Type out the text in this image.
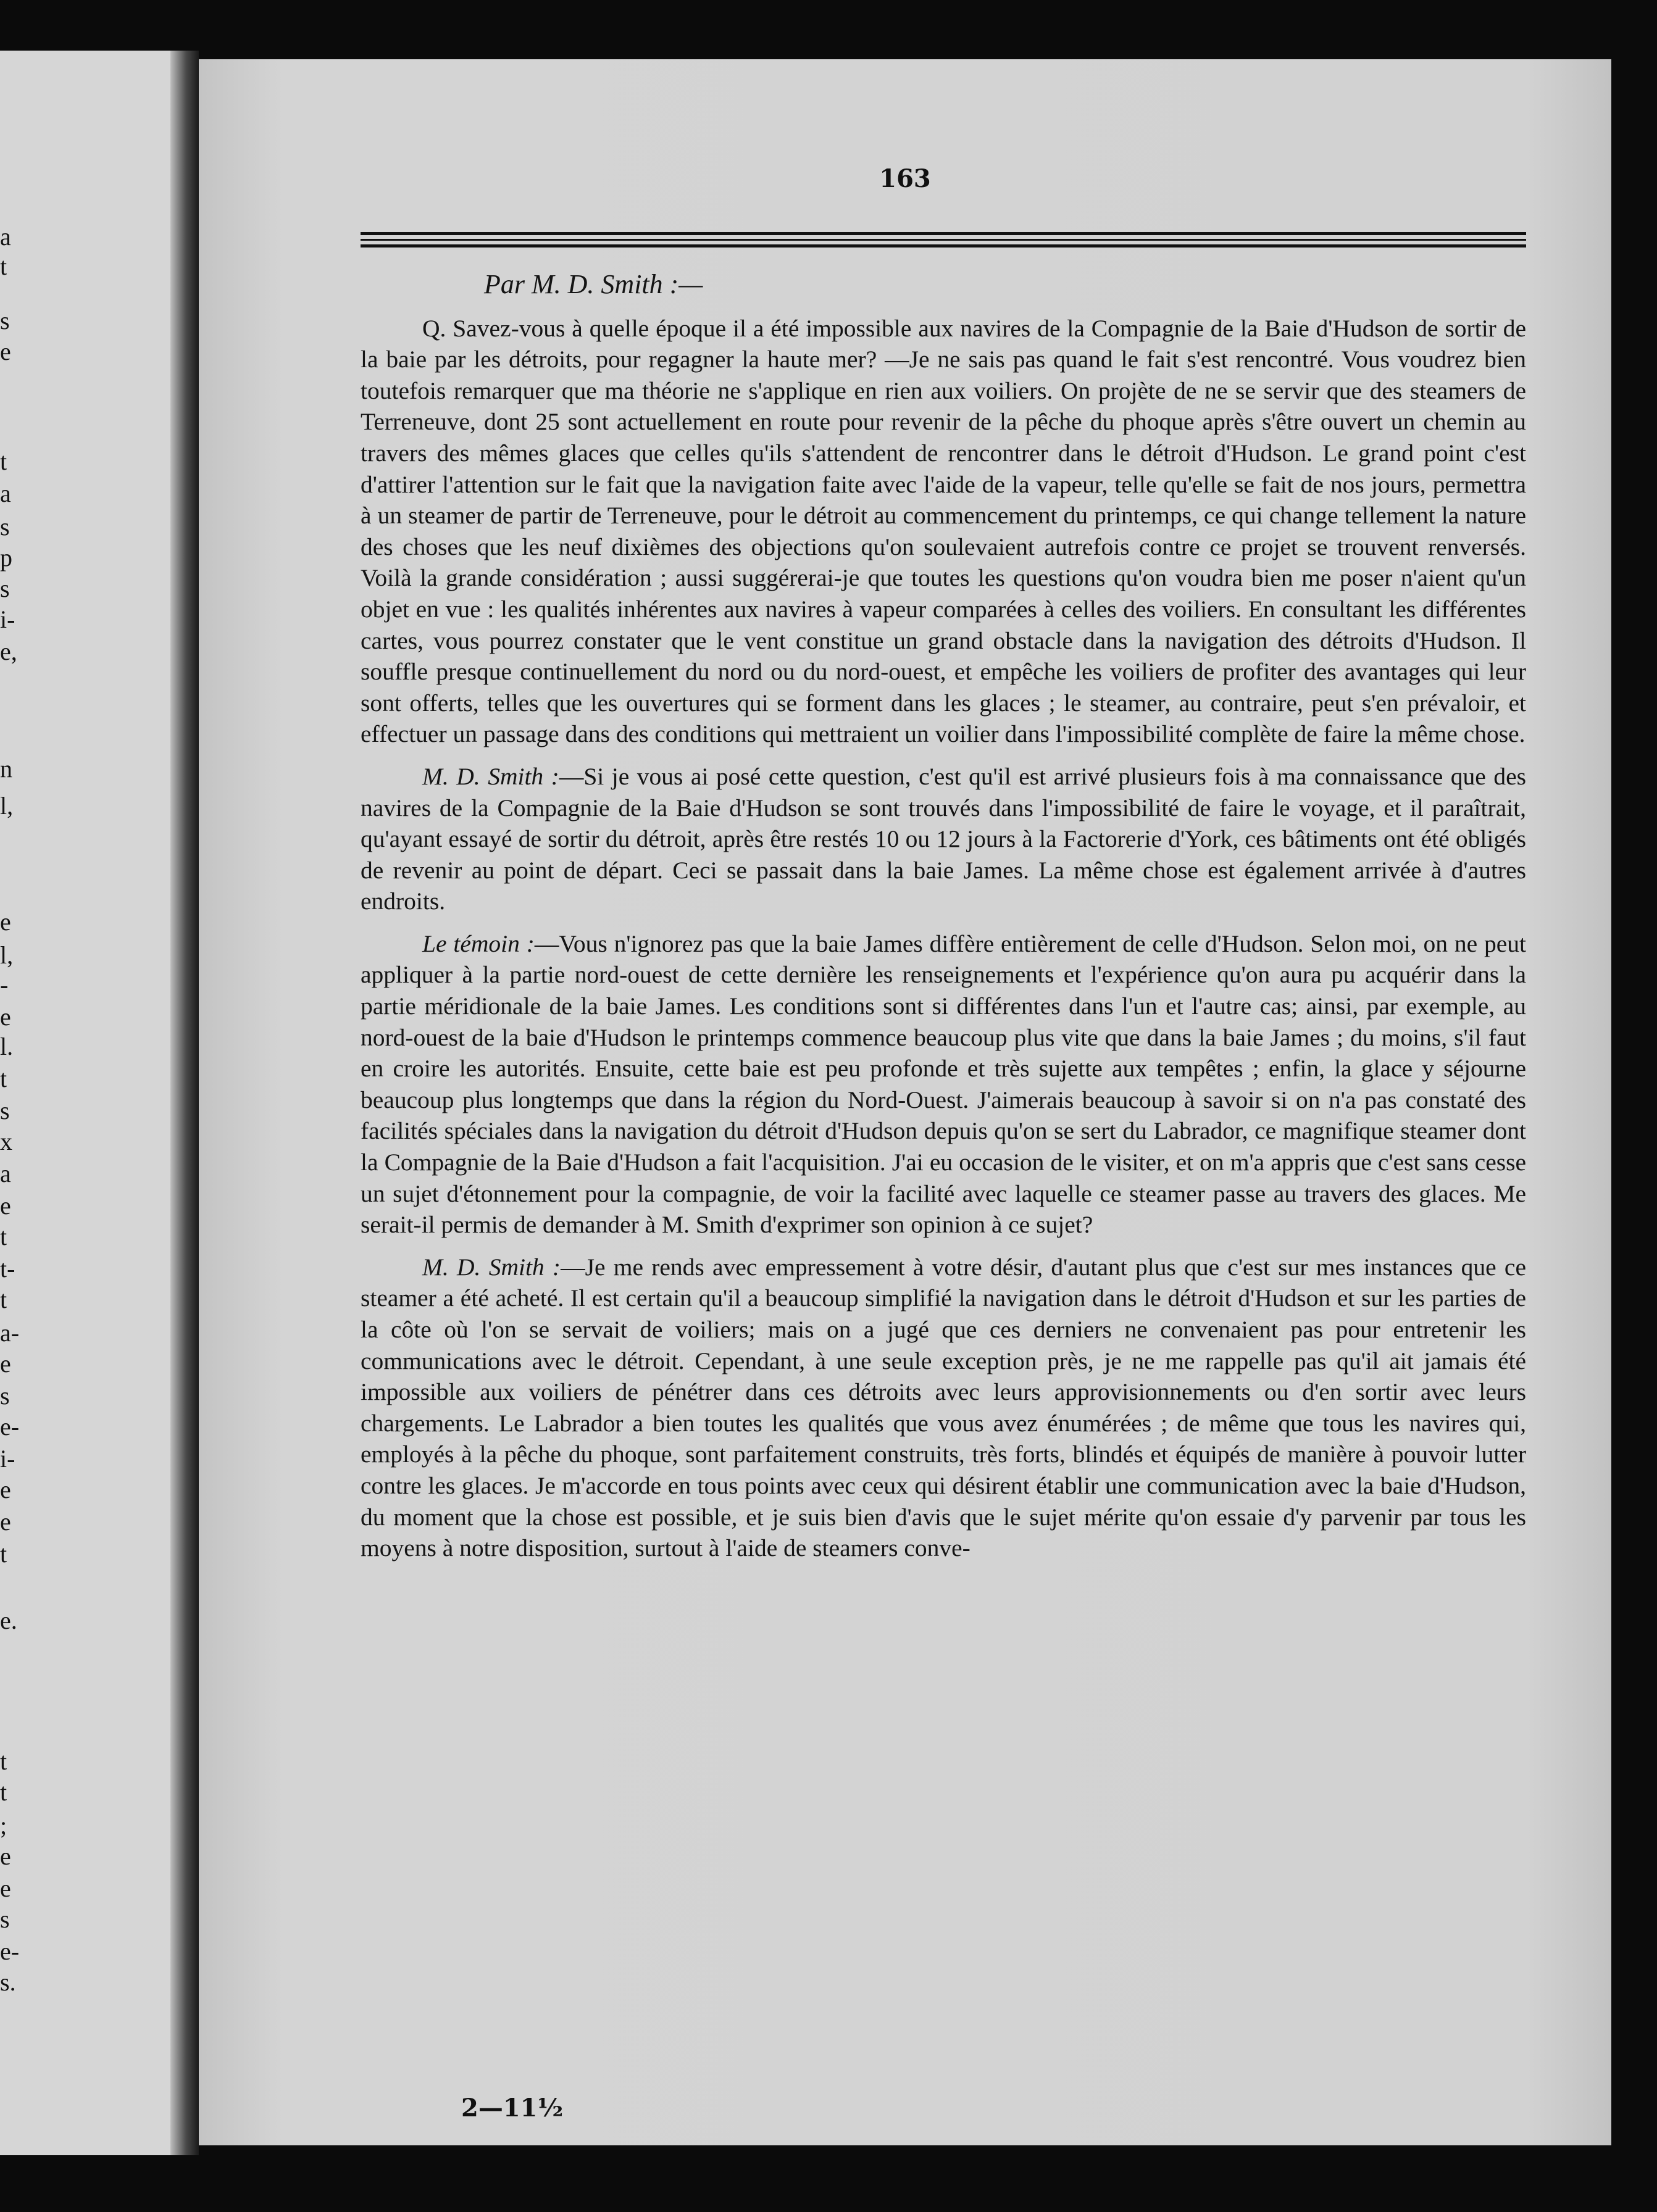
a
t
s
e
t
a
s
p
s
i-
e,
n
l,
e
l,
-
e
l.
t
s
x
a
e
t
t-
t
a-
e
s
e-
i-
e
e
t
e.
t
t
;
e
e
s
e-
s.
163
Par M. D. Smith :—

Q. Savez-vous à quelle époque il a été impossible aux navires de la Compagnie de la Baie d'Hudson de sortir de la baie par les détroits, pour regagner la haute mer? —Je ne sais pas quand le fait s'est rencontré. Vous voudrez bien toutefois remarquer que ma théorie ne s'applique en rien aux voiliers. On projète de ne se servir que des steamers de Terreneuve, dont 25 sont actuellement en route pour revenir de la pêche du phoque après s'être ouvert un chemin au travers des mêmes glaces que celles qu'ils s'attendent de rencontrer dans le détroit d'Hudson. Le grand point c'est d'attirer l'attention sur le fait que la navigation faite avec l'aide de la vapeur, telle qu'elle se fait de nos jours, permettra à un steamer de partir de Terreneuve, pour le détroit au commencement du printemps, ce qui change tellement la nature des choses que les neuf dixièmes des objections qu'on soulevaient autrefois contre ce projet se trouvent renversés. Voilà la grande considération ; aussi suggérerai-je que toutes les questions qu'on voudra bien me poser n'aient qu'un objet en vue : les qualités inhérentes aux navires à vapeur comparées à celles des voiliers. En consultant les différentes cartes, vous pourrez constater que le vent constitue un grand obstacle dans la navigation des détroits d'Hudson. Il souffle presque continuellement du nord ou du nord-ouest, et empêche les voiliers de profiter des avantages qui leur sont offerts, telles que les ouvertures qui se forment dans les glaces ; le steamer, au contraire, peut s'en prévaloir, et effectuer un passage dans des conditions qui mettraient un voilier dans l'impossibilité complète de faire la même chose.

M. D. Smith :—Si je vous ai posé cette question, c'est qu'il est arrivé plusieurs fois à ma connaissance que des navires de la Compagnie de la Baie d'Hudson se sont trouvés dans l'impossibilité de faire le voyage, et il paraîtrait, qu'ayant essayé de sortir du détroit, après être restés 10 ou 12 jours à la Factorerie d'York, ces bâtiments ont été obligés de revenir au point de départ. Ceci se passait dans la baie James. La même chose est également arrivée à d'autres endroits.

Le témoin :—Vous n'ignorez pas que la baie James diffère entièrement de celle d'Hudson. Selon moi, on ne peut appliquer à la partie nord-ouest de cette dernière les renseignements et l'expérience qu'on aura pu acquérir dans la partie méridionale de la baie James. Les conditions sont si différentes dans l'un et l'autre cas; ainsi, par exemple, au nord-ouest de la baie d'Hudson le printemps commence beaucoup plus vite que dans la baie James ; du moins, s'il faut en croire les autorités. Ensuite, cette baie est peu profonde et très sujette aux tempêtes ; enfin, la glace y séjourne beaucoup plus longtemps que dans la région du Nord-Ouest. J'aimerais beaucoup à savoir si on n'a pas constaté des facilités spéciales dans la navigation du détroit d'Hudson depuis qu'on se sert du Labrador, ce magnifique steamer dont la Compagnie de la Baie d'Hudson a fait l'acquisition. J'ai eu occasion de le visiter, et on m'a appris que c'est sans cesse un sujet d'étonnement pour la compagnie, de voir la facilité avec laquelle ce steamer passe au travers des glaces. Me serait-il permis de demander à M. Smith d'exprimer son opinion à ce sujet?

M. D. Smith :—Je me rends avec empressement à votre désir, d'autant plus que c'est sur mes instances que ce steamer a été acheté. Il est certain qu'il a beaucoup simplifié la navigation dans le détroit d'Hudson et sur les parties de la côte où l'on se servait de voiliers; mais on a jugé que ces derniers ne convenaient pas pour entretenir les communications avec le détroit. Cependant, à une seule exception près, je ne me rappelle pas qu'il ait jamais été impossible aux voiliers de pénétrer dans ces détroits avec leurs approvisionnements ou d'en sortir avec leurs chargements. Le Labrador a bien toutes les qualités que vous avez énumérées ; de même que tous les navires qui, employés à la pêche du phoque, sont parfaitement construits, très forts, blindés et équipés de manière à pouvoir lutter contre les glaces. Je m'accorde en tous points avec ceux qui désirent établir une communication avec la baie d'Hudson, du moment que la chose est possible, et je suis bien d'avis que le sujet mérite qu'on essaie d'y parvenir par tous les moyens à notre disposition, surtout à l'aide de steamers conve-

2—11½
